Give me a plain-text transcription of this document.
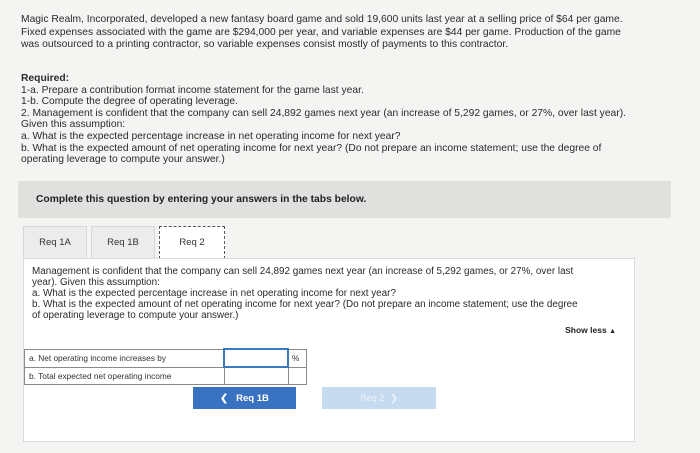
Magic Realm, Incorporated, developed a new fantasy board game and sold 19,600 units last year at a selling price of $64 per game.

Fixed expenses associated with the game are $294,000 per year, and variable expenses are $44 per game. Production of the game

was outsourced to a printing contractor, so variable expenses consist mostly of payments to this contractor.

Required:

1-a. Prepare a contribution format income statement for the game last year.

1-b. Compute the degree of operating leverage.

2. Management is confident that the company can sell 24,892 games next year (an increase of 5,292 games, or 27%, over last year).

Given this assumption:

a. What is the expected percentage increase in net operating income for next year?

b. What is the expected amount of net operating income for next year? (Do not prepare an income statement; use the degree of

operating leverage to compute your answer.)

Complete this question by entering your answers in the tabs below.
Req 1A	Req 1B	Req 2

Management is confident that the company can sell 24,892 games next year (an increase of 5,292 games, or 27%, over last

year). Given this assumption:

a. What is the expected percentage increase in net operating income for next year?

b. What is the expected amount of net operating income for next year? (Do not prepare an income statement; use the degree

of operating leverage to compute your answer.)

Show less ▲
a. Net operating income increases by		%
b. Total expected net operating income		
❮ Req 1B	Req 2 ❯
